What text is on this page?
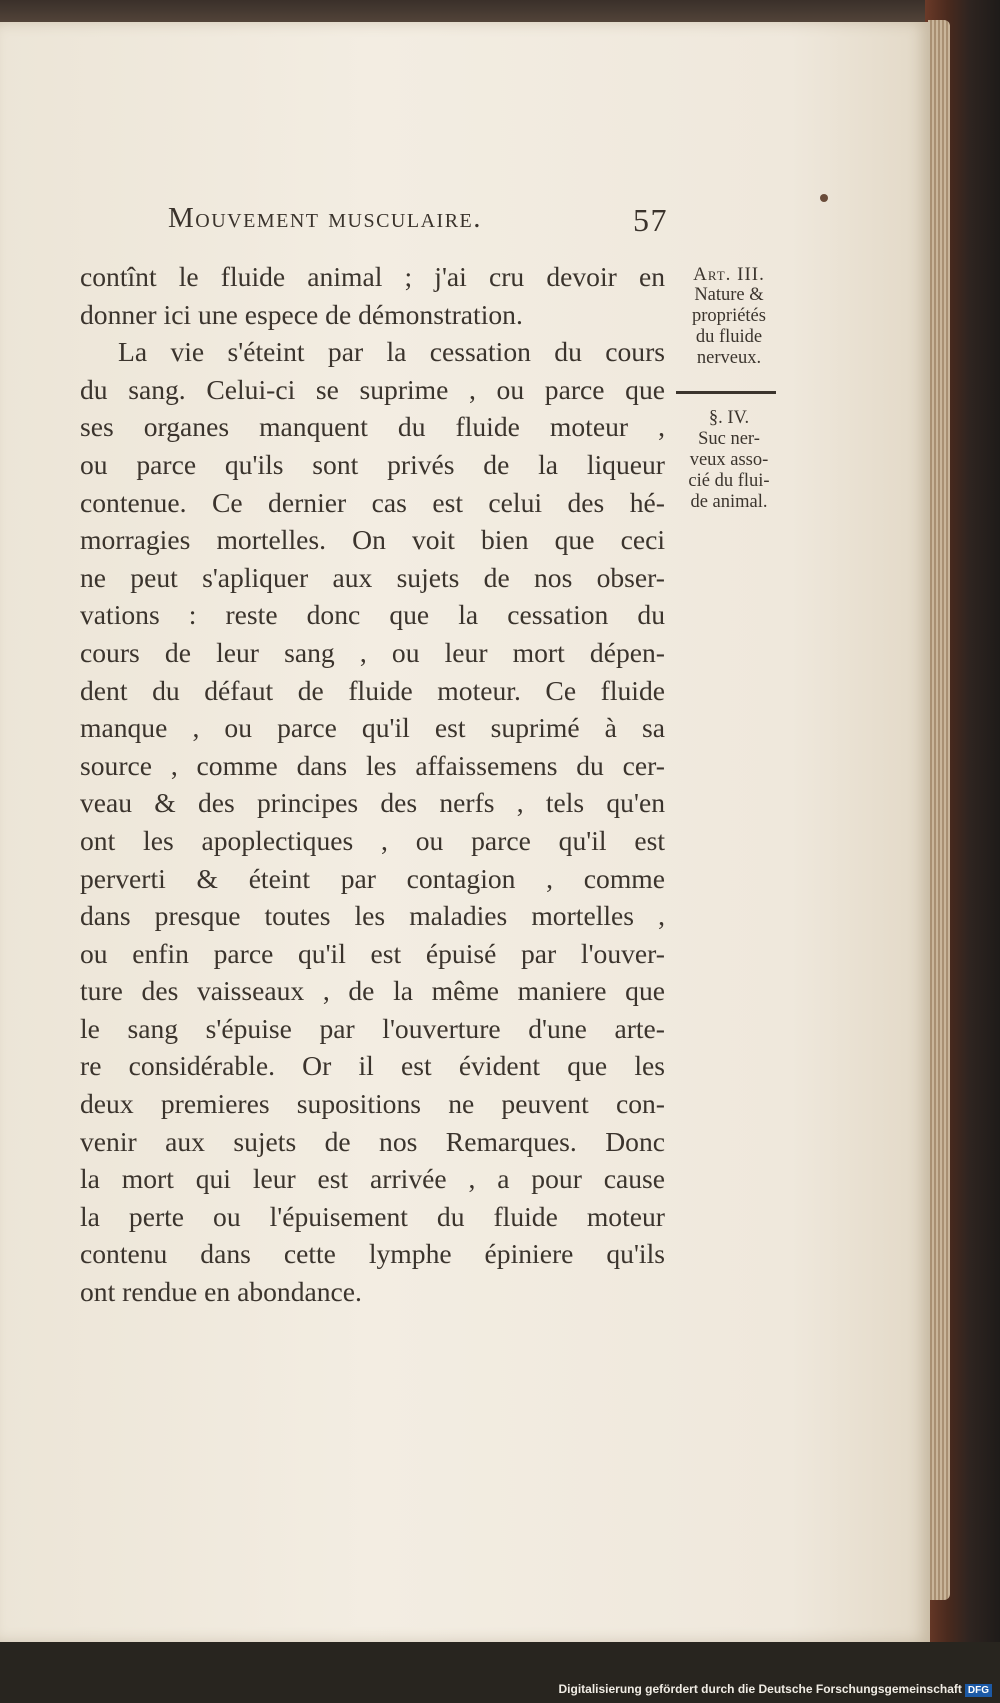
Mouvement musculaire.	57
contînt le fluide animal ; j'ai cru devoir en
donner ici une espece de démonstration.
La vie s'éteint par la cessation du cours
du sang. Celui-ci se suprime , ou parce que
ses organes manquent du fluide moteur ,
ou parce qu'ils sont privés de la liqueur
contenue. Ce dernier cas est celui des hé-
morragies mortelles. On voit bien que ceci
ne peut s'apliquer aux sujets de nos obser-
vations : reste donc que la cessation du
cours de leur sang , ou leur mort dépen-
dent du défaut de fluide moteur. Ce fluide
manque , ou parce qu'il est suprimé à sa
source , comme dans les affaissemens du cer-
veau & des principes des nerfs , tels qu'en
ont les apoplectiques , ou parce qu'il est
perverti & éteint par contagion , comme
dans presque toutes les maladies mortelles ,
ou enfin parce qu'il est épuisé par l'ouver-
ture des vaisseaux , de la même maniere que
le sang s'épuise par l'ouverture d'une arte-
re considérable. Or il est évident que les
deux premieres supositions ne peuvent con-
venir aux sujets de nos Remarques. Donc
la mort qui leur est arrivée , a pour cause
la perte ou l'épuisement du fluide moteur
contenu dans cette lymphe épiniere qu'ils
ont rendue en abondance.
Art. III.
Nature &
propriétés
du fluide
nerveux.
§. IV.
Suc ner-
veux asso-
cié du flui-
de animal.
Digitalisierung gefördert durch die Deutsche Forschungsgemeinschaft DFG
